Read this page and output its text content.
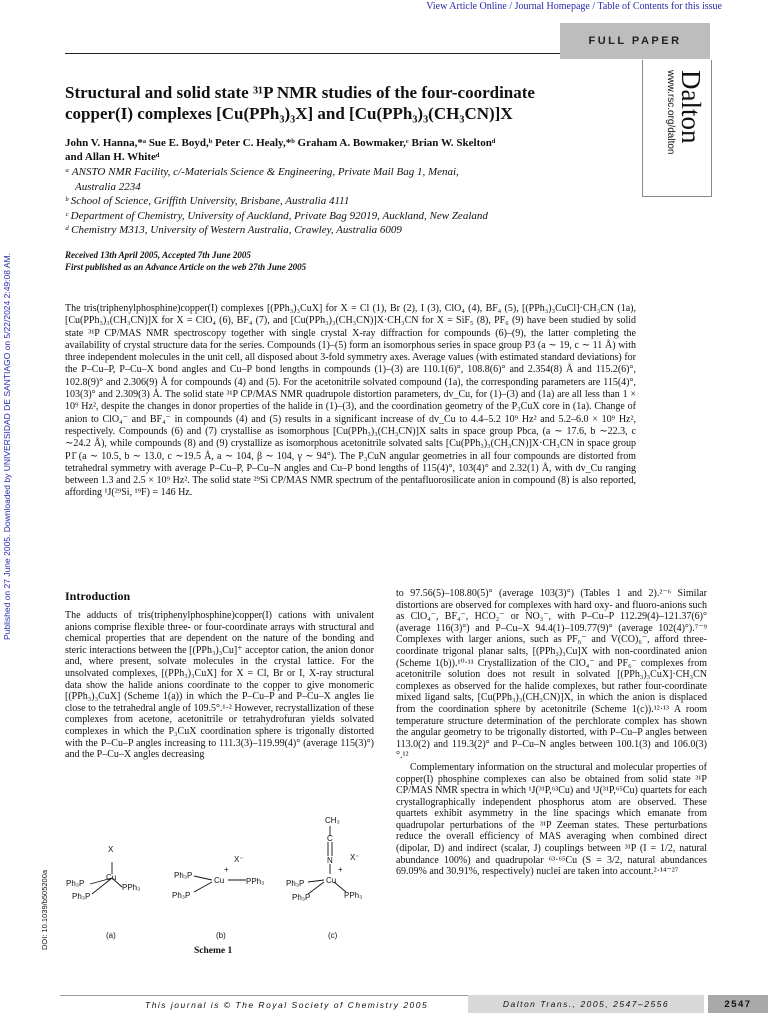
View Article Online / Journal Homepage / Table of Contents for this issue
FULL PAPER
Dalton
www.rsc.org/dalton
Published on 27 June 2005. Downloaded by UNIVERSIDAD DE SANTIAGO on 5/22/2024 2:49:08 AM.
DOI: 10.1039/b505200a
Structural and solid state ³¹P NMR studies of the four-coordinate
copper(I) complexes [Cu(PPh₃)₃X] and [Cu(PPh₃)₃(CH₃CN)]X
John V. Hanna,*ᵃ Sue E. Boyd,ᵇ Peter C. Healy,*ᵇ Graham A. Bowmaker,ᶜ Brian W. Skeltonᵈ
and Allan H. Whiteᵈ
ᵃ ANSTO NMR Facility, c/-Materials Science & Engineering, Private Mail Bag 1, Menai,
Australia 2234
ᵇ School of Science, Griffith University, Brisbane, Australia 4111
ᶜ Department of Chemistry, University of Auckland, Private Bag 92019, Auckland, New Zealand
ᵈ Chemistry M313, University of Western Australia, Crawley, Australia 6009
Received 13th April 2005, Accepted 7th June 2005
First published as an Advance Article on the web 27th June 2005
The tris(triphenylphosphine)copper(I) complexes [(PPh₃)₃CuX] for X = Cl (1), Br (2), I (3), ClO₄ (4), BF₄ (5), [(PPh₃)₃CuCl]·CH₃CN (1a), [Cu(PPh₃)₃(CH₃CN)]X for X = ClO₄ (6), BF₄ (7), and [Cu(PPh₃)₃(CH₃CN)]X·CH₃CN for X = SiF₅ (8), PF₆ (9) have been studied by solid state ³¹P CP/MAS NMR spectroscopy together with single crystal X-ray diffraction for compounds (6)–(9), the latter completing the availability of crystal structure data for the series. Compounds (1)–(5) form an isomorphous series in space group P3 (a ∼ 19, c ∼ 11 Å) with three independent molecules in the unit cell, all disposed about 3-fold symmetry axes. Average values (with estimated standard deviations) for the P–Cu–P, P–Cu–X bond angles and Cu–P bond lengths in compounds (1)–(3) are 110.1(6)°, 108.8(6)° and 2.354(8) Å and 115.2(6)°, 102.8(9)° and 2.306(9) Å for compounds (4) and (5). For the acetonitrile solvated compound (1a), the corresponding parameters are 115(4)°, 103(3)° and 2.309(3) Å. The solid state ³¹P CP/MAS NMR quadrupole distortion parameters, dv_Cu, for (1)–(3) and (1a) are all less than 1 × 10⁹ Hz², despite the changes in donor properties of the halide in (1)–(3), and the coordination geometry of the P₃CuX core in (1a). Change of anion to ClO₄⁻ and BF₄⁻ in compounds (4) and (5) results in a significant increase of dv_Cu to 4.4–5.2 10⁹ Hz² and 5.2–6.0 × 10⁹ Hz², respectively. Compounds (6) and (7) crystallise as isomorphous [Cu(PPh₃)₃(CH₃CN)]X salts in space group Pbca, (a ∼ 17.6, b ∼22.3, c ∼24.2 Å), while compounds (8) and (9) crystallize as isomorphous acetonitrile solvated salts [Cu(PPh₃)₃(CH₃CN)]X·CH₃CN in space group P1̄ (a ∼ 10.5, b ∼ 13.0, c ∼19.5 Å, a ∼ 104, β ∼ 104, γ ∼ 94°). The P₃CuN angular geometries in all four compounds are distorted from tetrahedral symmetry with average P–Cu–P, P–Cu–N angles and Cu–P bond lengths of 115(4)°, 103(4)° and 2.32(1) Å, with dv_Cu ranging between 1.3 and 2.5 × 10⁹ Hz². The solid state ²⁹Si CP/MAS NMR spectrum of the pentafluorosilicate anion in compound (8) is also reported, affording ¹J(²⁹Si, ¹⁹F) = 146 Hz.
Introduction
The adducts of tris(triphenylphosphine)copper(I) cations with univalent anions comprise flexible three- or four-coordinate arrays with structural and chemical properties that are dependent on the nature of the bonding and steric interactions between the [(PPh₃)₃Cu]⁺ acceptor cation, the anion donor and, where present, solvate molecules in the crystal lattice. For the unsolvated complexes, [(PPh₃)₃CuX] for X = Cl, Br or I, X-ray structural data show the halide anions coordinate to the copper to give monomeric [(PPh₃)₃CuX] (Scheme 1(a)) in which the P–Cu–P and P–Cu–X angles lie close to the tetrahedral angle of 109.5°.¹·² However, recrystallization of these complexes from acetone, acetonitrile or tetrahydrofuran yields solvated complexes in which the P₃CuX coordination sphere is trigonally distorted with the P–Cu–P angles increasing to 111.3(3)–119.99(4)° (average 115(3)°) and the P–Cu–X angles decreasing
to 97.56(5)–108.80(5)° (average 103(3)°) (Tables 1 and 2).²⁻⁶ Similar distortions are observed for complexes with hard oxy- and fluoro-anions such as ClO₄⁻, BF₄⁻, HCO₂⁻ or NO₃⁻, with P–Cu–P 112.29(4)–121.37(6)° (average 116(3)°) and P–Cu–X 94.4(1)–109.77(9)° (average 102(4)°).⁷⁻⁹ Complexes with larger anions, such as PF₆⁻ and V(CO)₆⁻, afford three-coordinate trigonal planar salts, [(PPh₃)₃Cu]X with non-coordinated anion (Scheme 1(b)).¹⁰·¹¹ Crystallization of the ClO₄⁻ and PF₆⁻ complexes from acetonitrile solution does not result in solvated [(PPh₃)₃CuX]·CH₃CN complexes as observed for the halide complexes, but rather four-coordinate mixed ligand salts, [Cu(PPh₃)₃(CH₃CN)]X, in which the anion is displaced from the coordination sphere by acetonitrile (Scheme 1(c)).¹²·¹³ A room temperature structure determination of the perchlorate complex has shown the angular geometry to be trigonally distorted, with P–Cu–P angles between 113.0(2) and 119.3(2)° and P–Cu–N angles between 100.1(3) and 106.0(3)°.¹²
Complementary information on the structural and molecular properties of copper(I) phosphine complexes can also be obtained from solid state ³¹P CP/MAS NMR spectra in which ¹J(³¹P,⁶³Cu) and ¹J(³¹P,⁶⁵Cu) quartets for each crystallographically independent phosphorus atom are observed. These quartets exhibit asymmetry in the line spacings which emanate from quadrupolar perturbations of the ³¹P Zeeman states. These perturbations reduce the overall efficiency of MAS averaging when combined direct (dipolar, D) and indirect (scalar, J) couplings between ³¹P (I = 1/2, natural abundance 100%) and quadrupolar ⁶³·⁶⁵Cu (S = 3/2, natural abundances 69.09% and 30.91%, respectively) nuclei are taken into account.²·¹⁴⁻²⁷
X
Cu
Ph₃P	PPh₃
Ph₃P
(a)
X⁻
+
Ph₃P
Cu	PPh₃
Ph₃P
(b)
CH₃
C
N X⁻
+
Cu
Ph₃P
PPh₃
Ph₃P
(c)
Scheme 1
This journal is © The Royal Society of Chemistry 2005	Dalton Trans., 2005, 2547–2556	2547
